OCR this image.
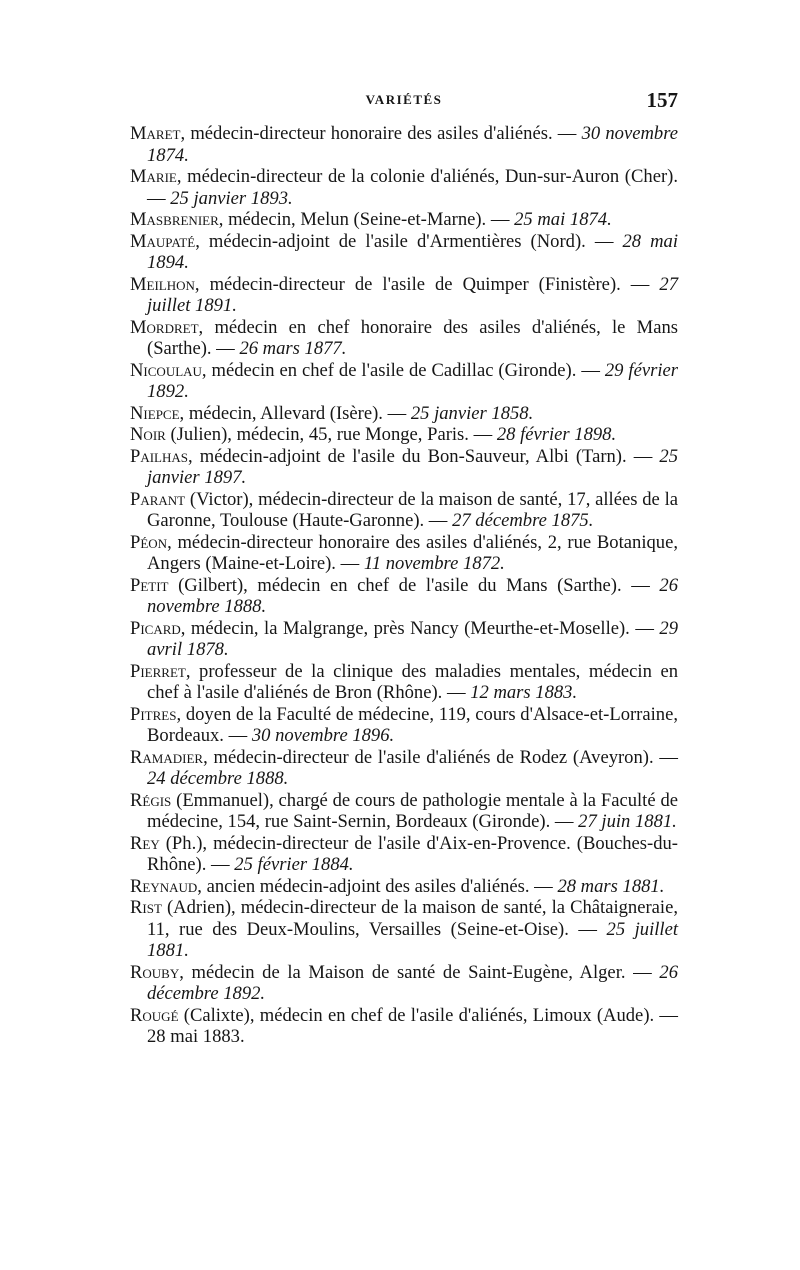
VARIÉTÉS	157

Maret, médecin-directeur honoraire des asiles d'aliénés. — 30 novembre 1874.

Marie, médecin-directeur de la colonie d'aliénés, Dun-sur-Auron (Cher). — 25 janvier 1893.

Masbrenier, médecin, Melun (Seine-et-Marne). — 25 mai 1874.

Maupaté, médecin-adjoint de l'asile d'Armentières (Nord). — 28 mai 1894.

Meilhon, médecin-directeur de l'asile de Quimper (Finistère). — 27 juillet 1891.

Mordret, médecin en chef honoraire des asiles d'aliénés, le Mans (Sarthe). — 26 mars 1877.

Nicoulau, médecin en chef de l'asile de Cadillac (Gironde). — 29 février 1892.

Niepce, médecin, Allevard (Isère). — 25 janvier 1858.

Noir (Julien), médecin, 45, rue Monge, Paris. — 28 février 1898.

Pailhas, médecin-adjoint de l'asile du Bon-Sauveur, Albi (Tarn). — 25 janvier 1897.

Parant (Victor), médecin-directeur de la maison de santé, 17, allées de la Garonne, Toulouse (Haute-Garonne). — 27 décembre 1875.

Péon, médecin-directeur honoraire des asiles d'aliénés, 2, rue Botanique, Angers (Maine-et-Loire). — 11 novembre 1872.

Petit (Gilbert), médecin en chef de l'asile du Mans (Sarthe). — 26 novembre 1888.

Picard, médecin, la Malgrange, près Nancy (Meurthe-et-Moselle). — 29 avril 1878.

Pierret, professeur de la clinique des maladies mentales, médecin en chef à l'asile d'aliénés de Bron (Rhône). — 12 mars 1883.

Pitres, doyen de la Faculté de médecine, 119, cours d'Alsace-et-Lorraine, Bordeaux. — 30 novembre 1896.

Ramadier, médecin-directeur de l'asile d'aliénés de Rodez (Aveyron). — 24 décembre 1888.

Régis (Emmanuel), chargé de cours de pathologie mentale à la Faculté de médecine, 154, rue Saint-Sernin, Bordeaux (Gironde). — 27 juin 1881.

Rey (Ph.), médecin-directeur de l'asile d'Aix-en-Provence. (Bouches-du-Rhône). — 25 février 1884.

Reynaud, ancien médecin-adjoint des asiles d'aliénés. — 28 mars 1881.

Rist (Adrien), médecin-directeur de la maison de santé, la Châtaigneraie, 11, rue des Deux-Moulins, Versailles (Seine-et-Oise). — 25 juillet 1881.

Rouby, médecin de la Maison de santé de Saint-Eugène, Alger. — 26 décembre 1892.

Rougé (Calixte), médecin en chef de l'asile d'aliénés, Limoux (Aude). — 28 mai 1883.
